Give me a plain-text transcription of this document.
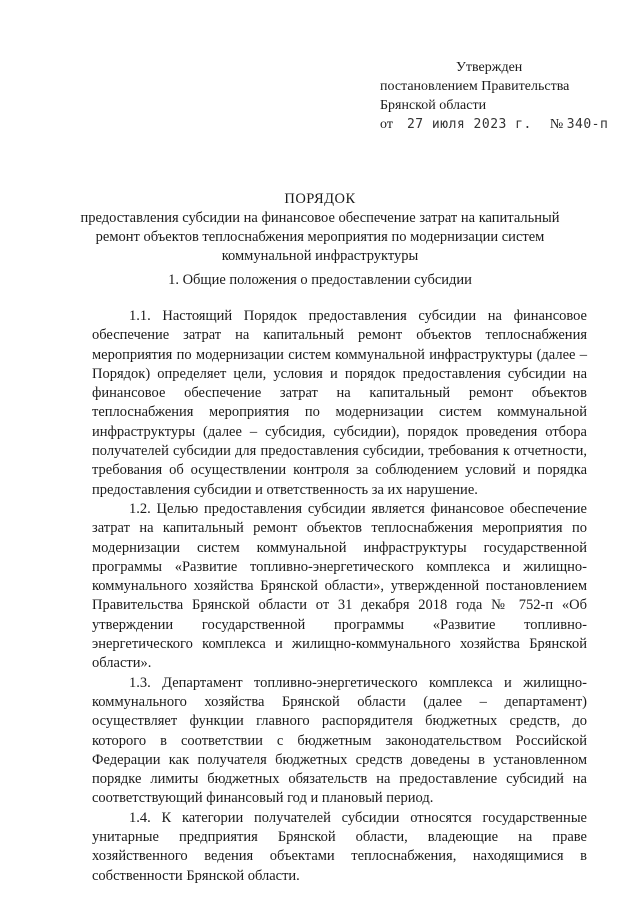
Утвержден
постановлением Правительства
Брянской области
от 27 июля 2023 г. № 340-п
ПОРЯДОК
предоставления субсидии на финансовое обеспечение затрат на капитальный ремонт объектов теплоснабжения мероприятия по модернизации систем коммунальной инфраструктуры
1. Общие положения о предоставлении субсидии

1.1. Настоящий Порядок предоставления субсидии на финансовое обеспечение затрат на капитальный ремонт объектов теплоснабжения мероприятия по модернизации систем коммунальной инфраструктуры (далее – Порядок) определяет цели, условия и порядок предоставления субсидии на финансовое обеспечение затрат на капитальный ремонт объектов теплоснабжения мероприятия по модернизации систем коммунальной инфраструктуры (далее – субсидия, субсидии), порядок проведения отбора получателей субсидии для предоставления субсидии, требования к отчетности, требования об осуществлении контроля за соблюдением условий и порядка предоставления субсидии и ответственность за их нарушение.

1.2. Целью предоставления субсидии является финансовое обеспечение затрат на капитальный ремонт объектов теплоснабжения мероприятия по модернизации систем коммунальной инфраструктуры государственной программы «Развитие топливно-энергетического комплекса и жилищно-коммунального хозяйства Брянской области», утвержденной постановлением Правительства Брянской области от 31 декабря 2018 года № 752-п «Об утверждении государственной программы «Развитие топливно-энергетического комплекса и жилищно-коммунального хозяйства Брянской области».

1.3. Департамент топливно-энергетического комплекса и жилищно-коммунального хозяйства Брянской области (далее – департамент) осуществляет функции главного распорядителя бюджетных средств, до которого в соответствии с бюджетным законодательством Российской Федерации как получателя бюджетных средств доведены в установленном порядке лимиты бюджетных обязательств на предоставление субсидий на соответствующий финансовый год и плановый период.

1.4. К категории получателей субсидии относятся государственные унитарные предприятия Брянской области, владеющие на праве хозяйственного ведения объектами теплоснабжения, находящимися в собственности Брянской области.
